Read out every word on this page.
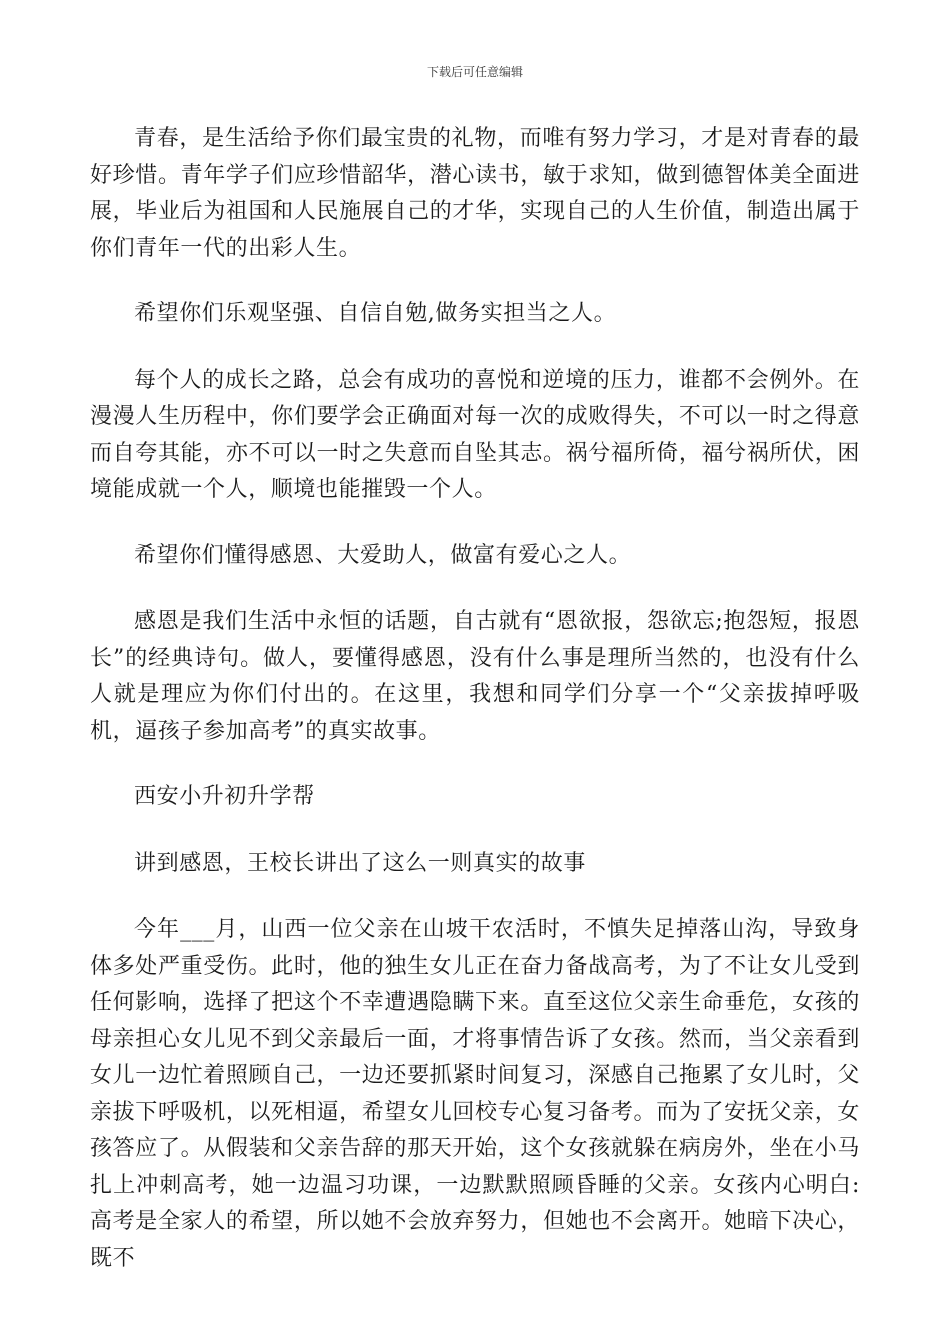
下载后可任意编辑

青春，是生活给予你们最宝贵的礼物，而唯有努力学习，才是对青春的最好珍惜。青年学子们应珍惜韶华，潜心读书，敏于求知，做到德智体美全面进展，毕业后为祖国和人民施展自己的才华，实现自己的人生价值，制造出属于你们青年一代的出彩人生。

希望你们乐观坚强、自信自勉,做务实担当之人。

每个人的成长之路，总会有成功的喜悦和逆境的压力，谁都不会例外。在漫漫人生历程中，你们要学会正确面对每一次的成败得失，不可以一时之得意而自夸其能，亦不可以一时之失意而自坠其志。祸兮福所倚，福兮祸所伏，困境能成就一个人，顺境也能摧毁一个人。

希望你们懂得感恩、大爱助人，做富有爱心之人。

感恩是我们生活中永恒的话题，自古就有“恩欲报，怨欲忘;抱怨短，报恩长”的经典诗句。做人，要懂得感恩，没有什么事是理所当然的，也没有什么人就是理应为你们付出的。在这里，我想和同学们分享一个“父亲拔掉呼吸机，逼孩子参加高考”的真实故事。

西安小升初升学帮

讲到感恩，王校长讲出了这么一则真实的故事

今年___月，山西一位父亲在山坡干农活时，不慎失足掉落山沟，导致身体多处严重受伤。此时，他的独生女儿正在奋力备战高考，为了不让女儿受到任何影响，选择了把这个不幸遭遇隐瞒下来。直至这位父亲生命垂危，女孩的母亲担心女儿见不到父亲最后一面，才将事情告诉了女孩。然而，当父亲看到女儿一边忙着照顾自己，一边还要抓紧时间复习，深感自己拖累了女儿时，父亲拔下呼吸机，以死相逼，希望女儿回校专心复习备考。而为了安抚父亲，女孩答应了。从假装和父亲告辞的那天开始，这个女孩就躲在病房外，坐在小马扎上冲刺高考，她一边温习功课，一边默默照顾昏睡的父亲。女孩内心明白:高考是全家人的希望，所以她不会放弃努力，但她也不会离开。她暗下决心，既不
